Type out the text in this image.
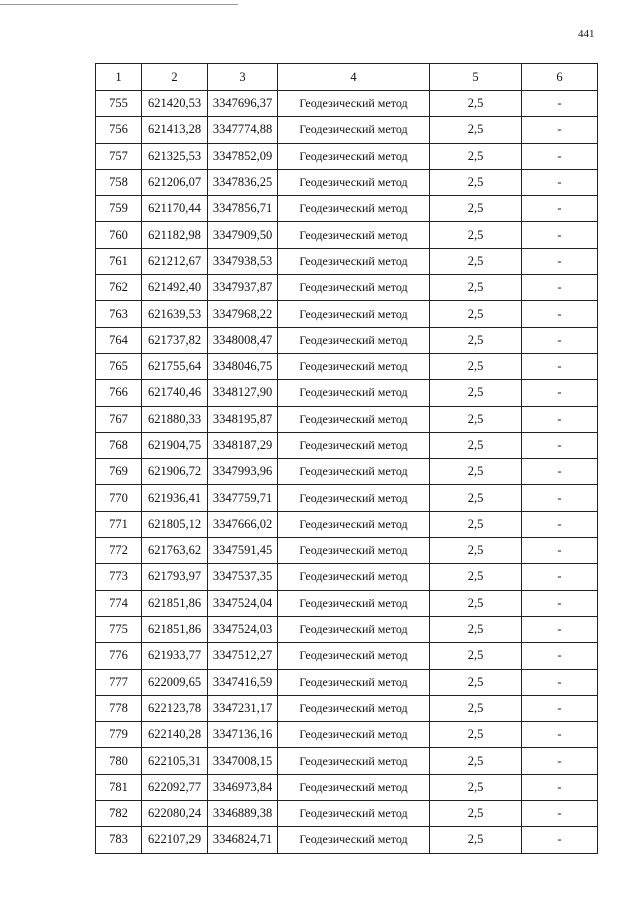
441
1	2	3	4	5	6
755	621420,53	3347696,37	Геодезический метод	2,5	-
756	621413,28	3347774,88	Геодезический метод	2,5	-
757	621325,53	3347852,09	Геодезический метод	2,5	-
758	621206,07	3347836,25	Геодезический метод	2,5	-
759	621170,44	3347856,71	Геодезический метод	2,5	-
760	621182,98	3347909,50	Геодезический метод	2,5	-
761	621212,67	3347938,53	Геодезический метод	2,5	-
762	621492,40	3347937,87	Геодезический метод	2,5	-
763	621639,53	3347968,22	Геодезический метод	2,5	-
764	621737,82	3348008,47	Геодезический метод	2,5	-
765	621755,64	3348046,75	Геодезический метод	2,5	-
766	621740,46	3348127,90	Геодезический метод	2,5	-
767	621880,33	3348195,87	Геодезический метод	2,5	-
768	621904,75	3348187,29	Геодезический метод	2,5	-
769	621906,72	3347993,96	Геодезический метод	2,5	-
770	621936,41	3347759,71	Геодезический метод	2,5	-
771	621805,12	3347666,02	Геодезический метод	2,5	-
772	621763,62	3347591,45	Геодезический метод	2,5	-
773	621793,97	3347537,35	Геодезический метод	2,5	-
774	621851,86	3347524,04	Геодезический метод	2,5	-
775	621851,86	3347524,03	Геодезический метод	2,5	-
776	621933,77	3347512,27	Геодезический метод	2,5	-
777	622009,65	3347416,59	Геодезический метод	2,5	-
778	622123,78	3347231,17	Геодезический метод	2,5	-
779	622140,28	3347136,16	Геодезический метод	2,5	-
780	622105,31	3347008,15	Геодезический метод	2,5	-
781	622092,77	3346973,84	Геодезический метод	2,5	-
782	622080,24	3346889,38	Геодезический метод	2,5	-
783	622107,29	3346824,71	Геодезический метод	2,5	-
